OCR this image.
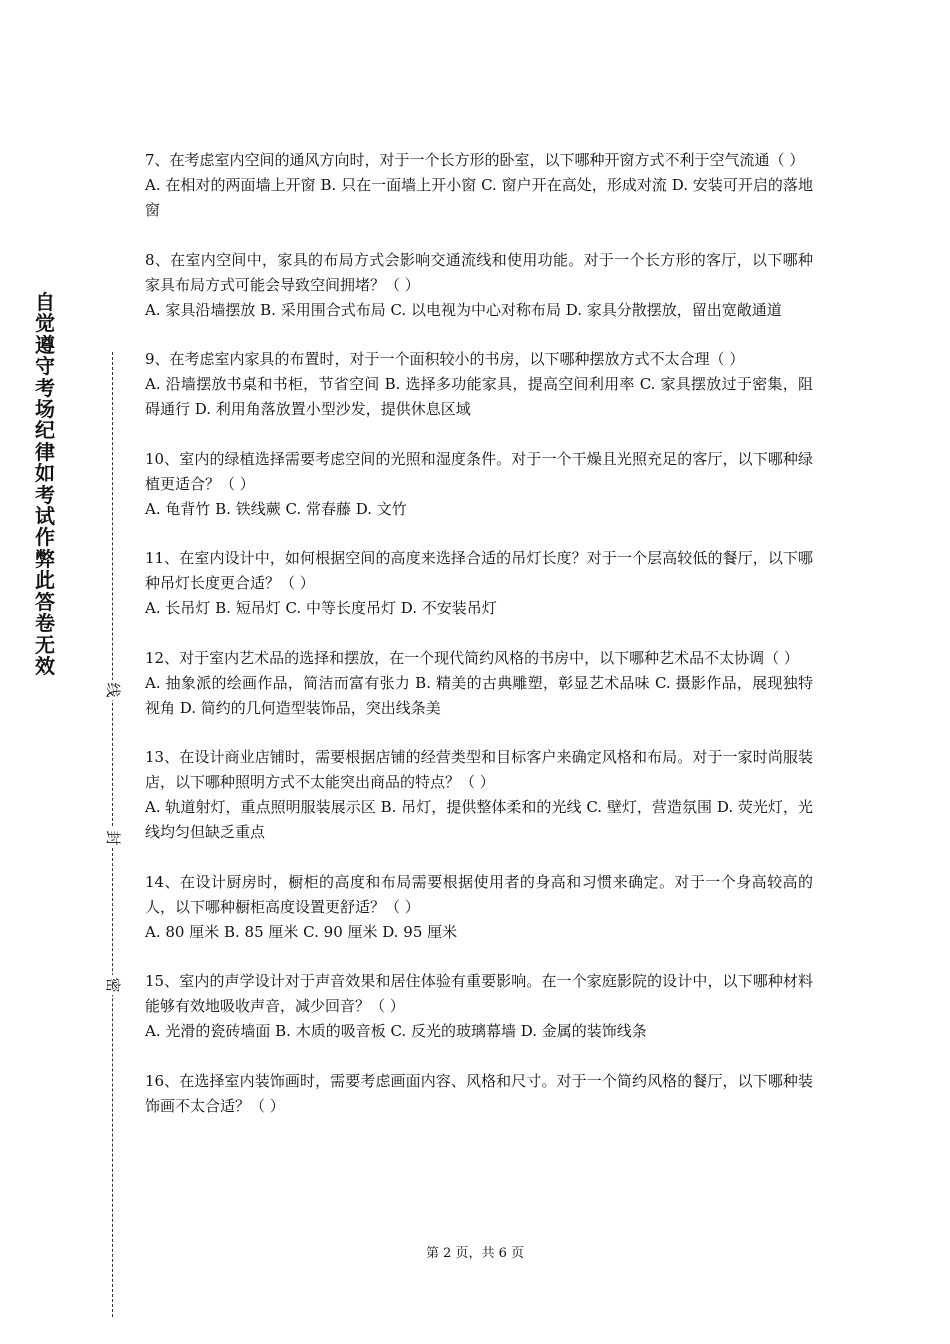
自觉遵守考场纪律如考试作弊此答卷无效
线
封
密

7、在考虑室内空间的通风方向时，对于一个长方形的卧室，以下哪种开窗方式不利于空气流通（ ）

A. 在相对的两面墙上开窗 B. 只在一面墙上开小窗 C. 窗户开在高处，形成对流 D. 安装可开启的落地窗

8、在室内空间中，家具的布局方式会影响交通流线和使用功能。对于一个长方形的客厅，以下哪种家具布局方式可能会导致空间拥堵？（ ）

A. 家具沿墙摆放 B. 采用围合式布局 C. 以电视为中心对称布局 D. 家具分散摆放，留出宽敞通道

9、在考虑室内家具的布置时，对于一个面积较小的书房，以下哪种摆放方式不太合理（ ）

A. 沿墙摆放书桌和书柜，节省空间 B. 选择多功能家具，提高空间利用率 C. 家具摆放过于密集，阻碍通行 D. 利用角落放置小型沙发，提供休息区域

10、室内的绿植选择需要考虑空间的光照和湿度条件。对于一个干燥且光照充足的客厅，以下哪种绿植更适合？（ ）

A. 龟背竹 B. 铁线蕨 C. 常春藤 D. 文竹

11、在室内设计中，如何根据空间的高度来选择合适的吊灯长度？对于一个层高较低的餐厅，以下哪种吊灯长度更合适？（ ）

A. 长吊灯 B. 短吊灯 C. 中等长度吊灯 D. 不安装吊灯

12、对于室内艺术品的选择和摆放，在一个现代简约风格的书房中，以下哪种艺术品不太协调（ ）

A. 抽象派的绘画作品，简洁而富有张力 B. 精美的古典雕塑，彰显艺术品味 C. 摄影作品，展现独特视角 D. 简约的几何造型装饰品，突出线条美

13、在设计商业店铺时，需要根据店铺的经营类型和目标客户来确定风格和布局。对于一家时尚服装店，以下哪种照明方式不太能突出商品的特点？（ ）

A. 轨道射灯，重点照明服装展示区 B. 吊灯，提供整体柔和的光线 C. 壁灯，营造氛围 D. 荧光灯，光线均匀但缺乏重点

14、在设计厨房时，橱柜的高度和布局需要根据使用者的身高和习惯来确定。对于一个身高较高的人，以下哪种橱柜高度设置更舒适？（ ）

A. 80 厘米 B. 85 厘米 C. 90 厘米 D. 95 厘米

15、室内的声学设计对于声音效果和居住体验有重要影响。在一个家庭影院的设计中，以下哪种材料能够有效地吸收声音，减少回音？（ ）

A. 光滑的瓷砖墙面 B. 木质的吸音板 C. 反光的玻璃幕墙 D. 金属的装饰线条

16、在选择室内装饰画时，需要考虑画面内容、风格和尺寸。对于一个简约风格的餐厅，以下哪种装饰画不太合适？（ ）

第 2 页，共 6 页
